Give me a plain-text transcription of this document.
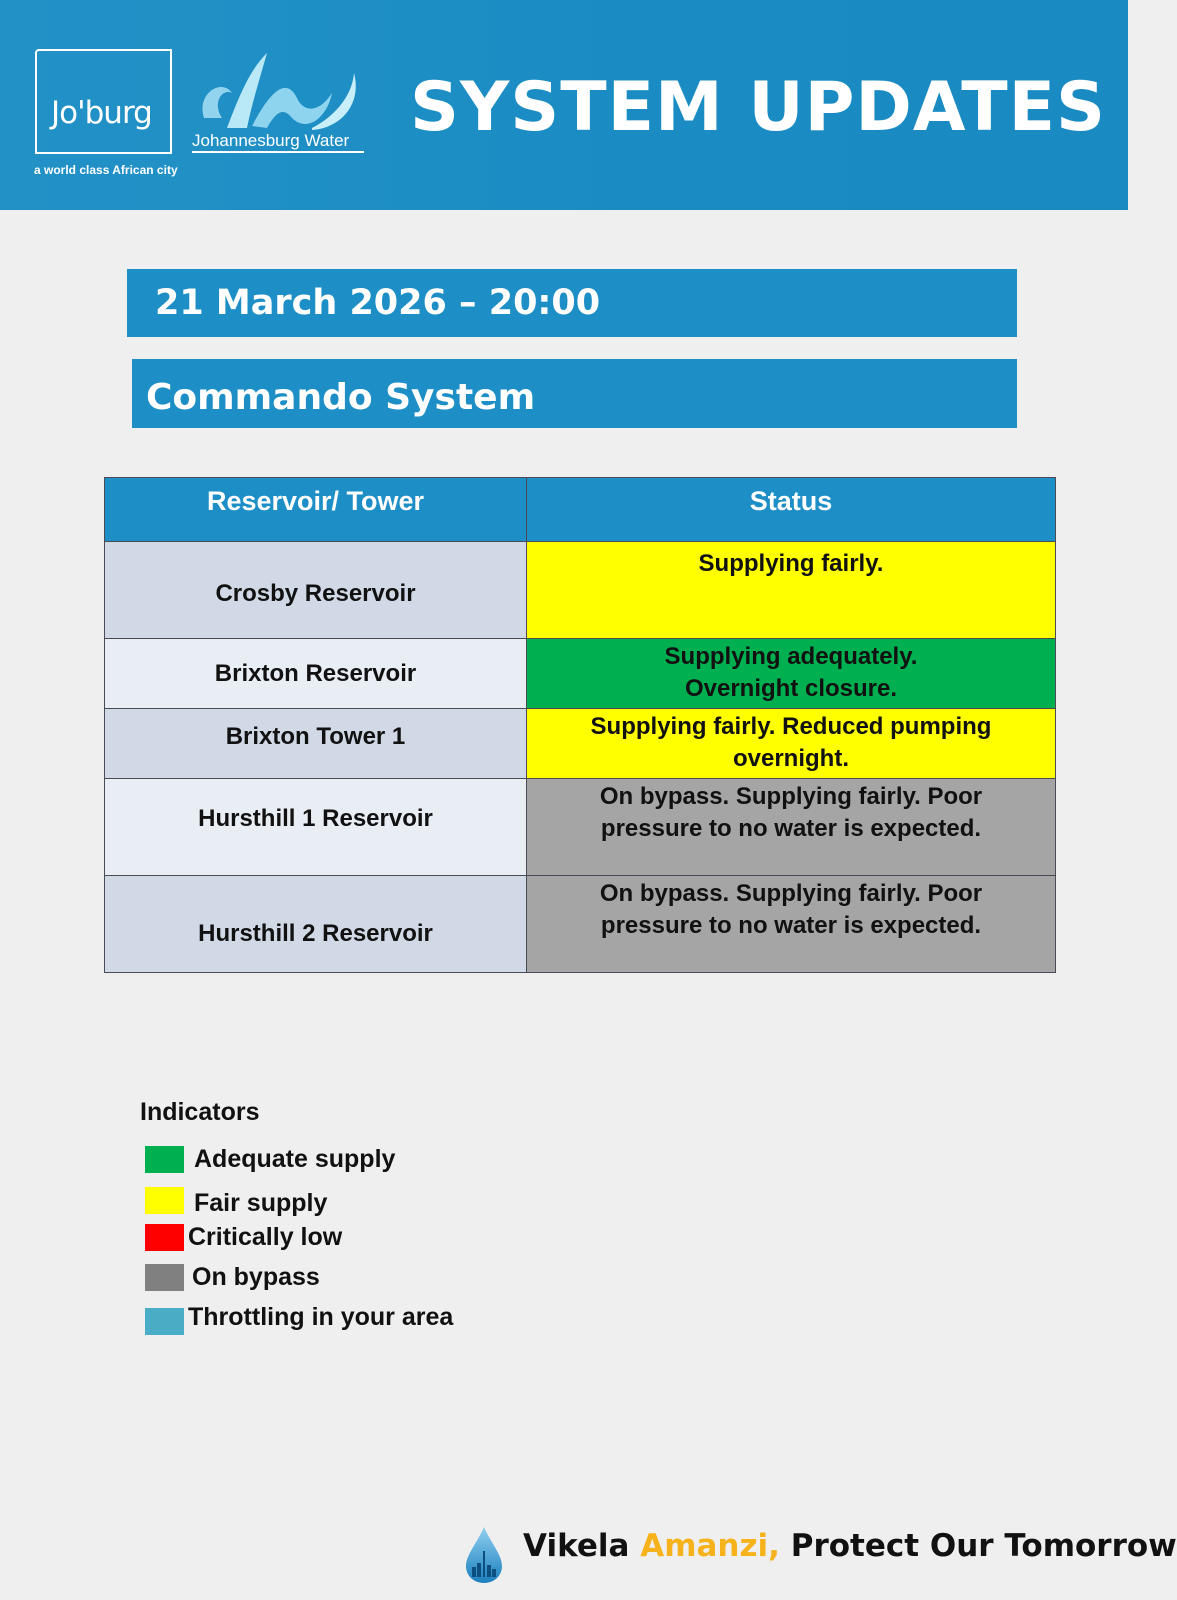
Jo'burg
a world class African city
Johannesburg Water SYSTEM UPDATES
21 March 2026 – 20:00
Commando System
Reservoir/ Tower	Status
Crosby Reservoir	Supplying fairly.
Brixton Reservoir	Supplying adequately. Overnight closure.
Brixton Tower 1	Supplying fairly. Reduced pumping overnight.
Hursthill 1 Reservoir	On bypass. Supplying fairly. Poor pressure to no water is expected.
Hursthill 2 Reservoir	On bypass. Supplying fairly. Poor pressure to no water is expected.
Indicators
Adequate supply
Fair supply
Critically low
On bypass
Throttling in your area
Vikela Amanzi, Protect Our Tomorrow
